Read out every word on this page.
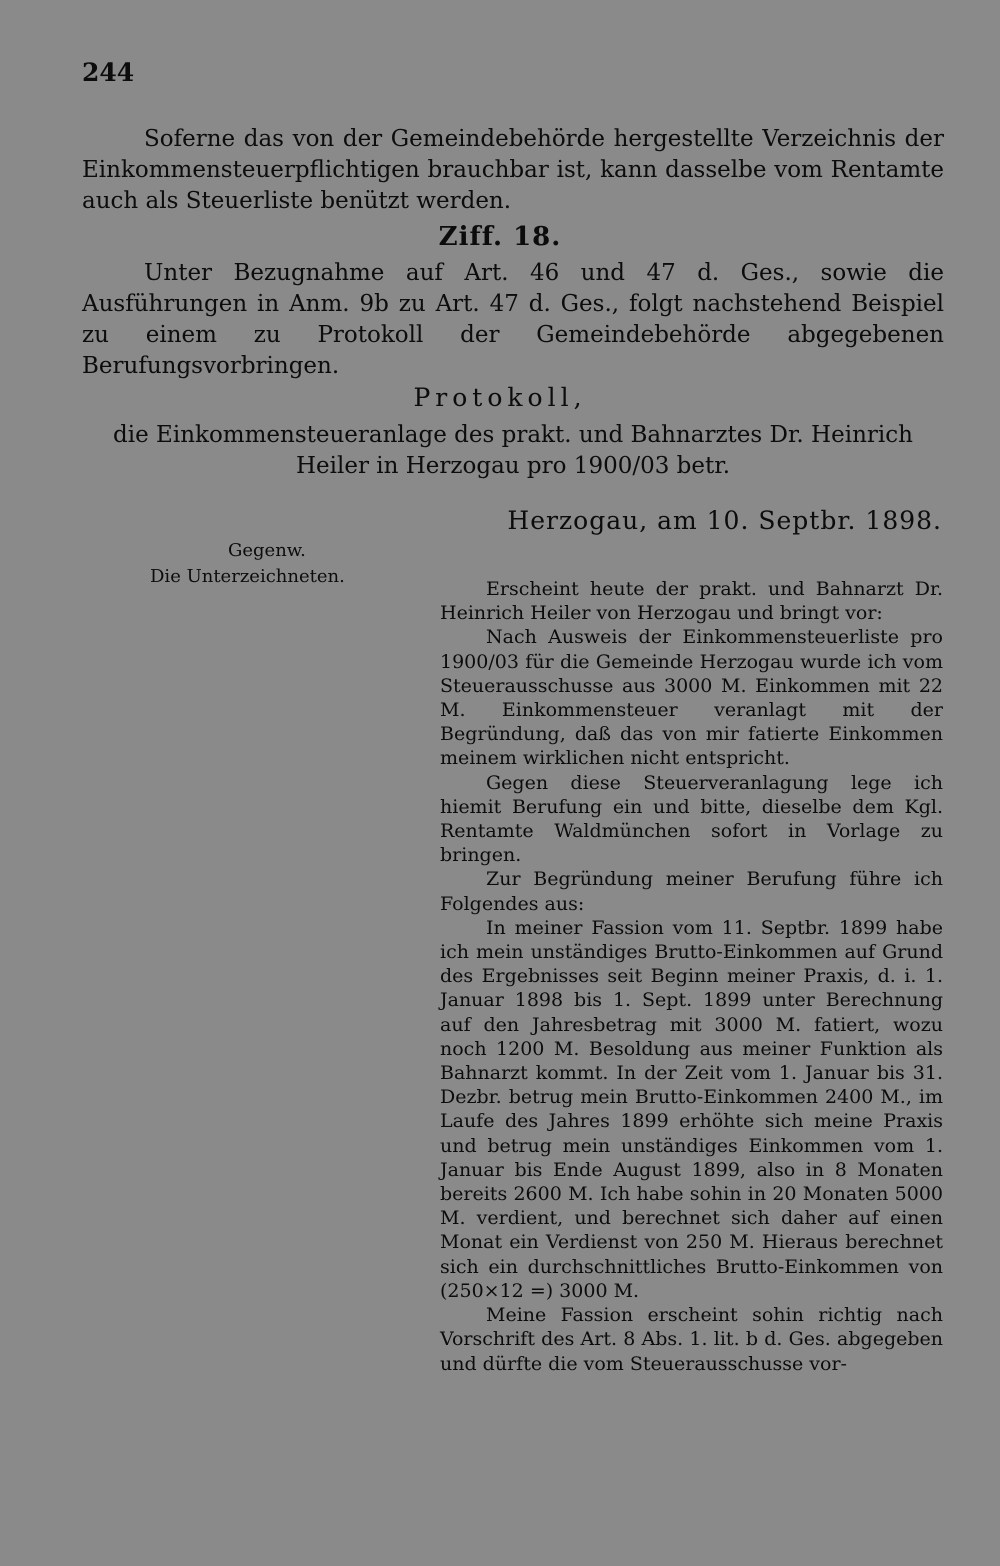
244

Soferne das von der Gemeindebehörde hergestellte Verzeichnis der Einkommensteuerpflichtigen brauchbar ist, kann dasselbe vom Rentamte auch als Steuerliste benützt werden.

Ziff. 18.

Unter Bezugnahme auf Art. 46 und 47 d. Ges., sowie die Ausführungen in Anm. 9b zu Art. 47 d. Ges., folgt nachstehend Beispiel zu einem zu Protokoll der Gemeindebehörde abgegebenen Berufungsvorbringen.

Protokoll,

die Einkommensteueranlage des prakt. und Bahnarztes Dr. Heinrich Heiler in Herzogau pro 1900/03 betr.

Herzogau, am 10. Septbr. 1898.
Gegenw.
Die Unterzeichneten.

Erscheint heute der prakt. und Bahnarzt Dr. Heinrich Heiler von Herzogau und bringt vor:

Nach Ausweis der Einkommensteuerliste pro 1900/03 für die Gemeinde Herzogau wurde ich vom Steuerausschusse aus 3000 M. Einkommen mit 22 M. Einkommensteuer veranlagt mit der Begründung, daß das von mir fatierte Einkommen meinem wirklichen nicht entspricht.

Gegen diese Steuerveranlagung lege ich hiemit Berufung ein und bitte, dieselbe dem Kgl. Rentamte Waldmünchen sofort in Vorlage zu bringen.

Zur Begründung meiner Berufung führe ich Folgendes aus:

In meiner Fassion vom 11. Septbr. 1899 habe ich mein unständiges Brutto-Einkommen auf Grund des Ergebnisses seit Beginn meiner Praxis, d. i. 1. Januar 1898 bis 1. Sept. 1899 unter Berechnung auf den Jahresbetrag mit 3000 M. fatiert, wozu noch 1200 M. Besoldung aus meiner Funktion als Bahnarzt kommt. In der Zeit vom 1. Januar bis 31. Dezbr. betrug mein Brutto-Einkommen 2400 M., im Laufe des Jahres 1899 erhöhte sich meine Praxis und betrug mein unständiges Einkommen vom 1. Januar bis Ende August 1899, also in 8 Monaten bereits 2600 M. Ich habe sohin in 20 Monaten 5000 M. verdient, und berechnet sich daher auf einen Monat ein Verdienst von 250 M. Hieraus berechnet sich ein durchschnittliches Brutto-Einkommen von (250×12 =) 3000 M.

Meine Fassion erscheint sohin richtig nach Vorschrift des Art. 8 Abs. 1. lit. b d. Ges. abgegeben und dürfte die vom Steuerausschusse vor-
